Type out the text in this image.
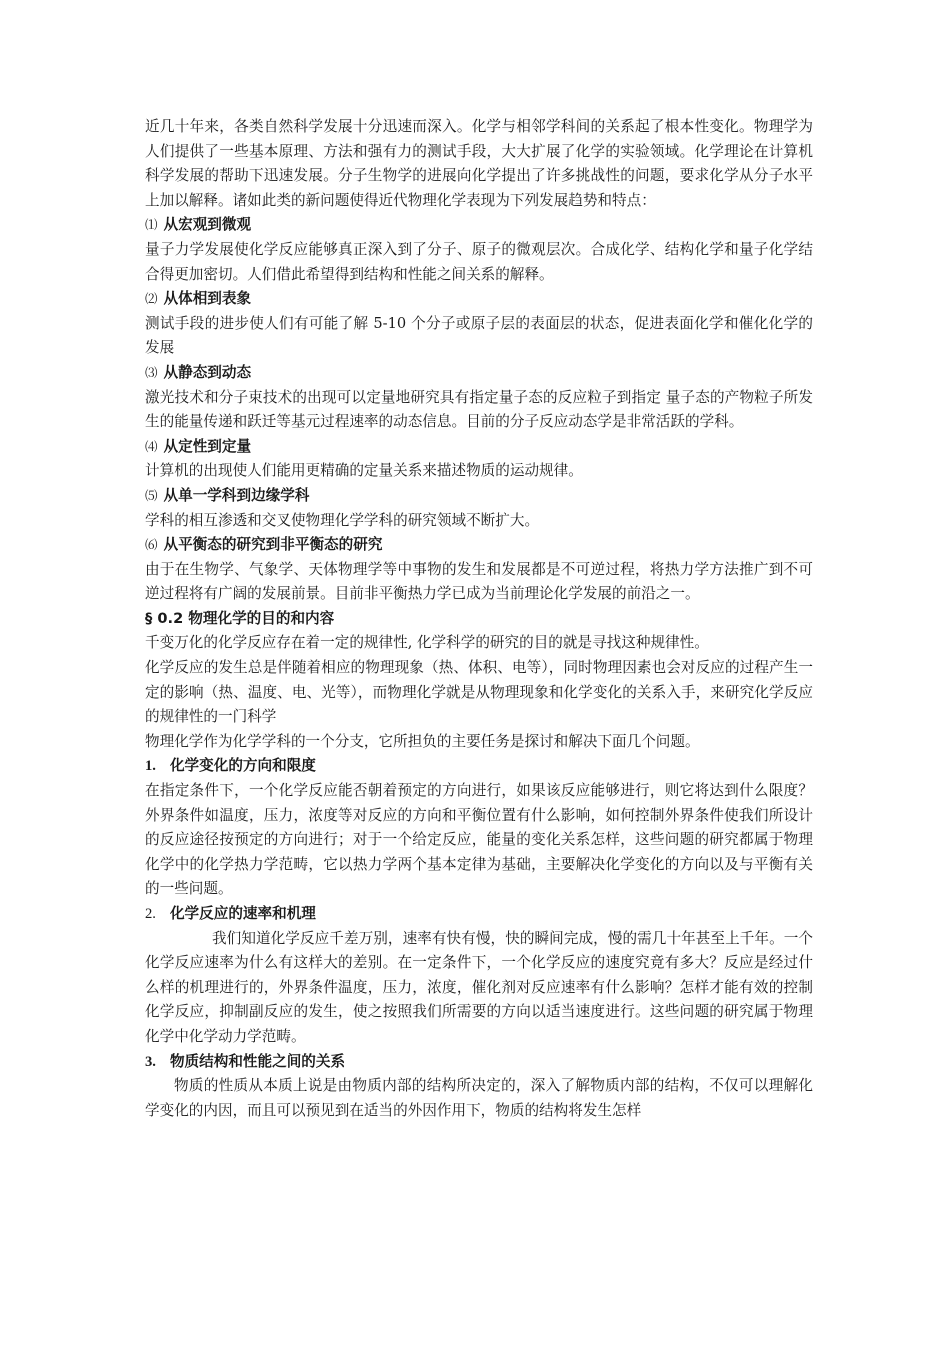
近几十年来，各类自然科学发展十分迅速而深入。化学与相邻学科间的关系起了根本性变化。物理学为人们提供了一些基本原理、方法和强有力的测试手段，大大扩展了化学的实验领域。化学理论在计算机科学发展的帮助下迅速发展。分子生物学的进展向化学提出了许多挑战性的问题，要求化学从分子水平上加以解释。诸如此类的新问题使得近代物理化学表现为下列发展趋势和特点：

⑴ 从宏观到微观

量子力学发展使化学反应能够真正深入到了分子、原子的微观层次。合成化学、结构化学和量子化学结合得更加密切。人们借此希望得到结构和性能之间关系的解释。

⑵ 从体相到表象

测试手段的进步使人们有可能了解 5-10 个分子或原子层的表面层的状态，促进表面化学和催化化学的发展

⑶ 从静态到动态

激光技术和分子束技术的出现可以定量地研究具有指定量子态的反应粒子到指定 量子态的产物粒子所发生的能量传递和跃迁等基元过程速率的动态信息。目前的分子反应动态学是非常活跃的学科。

⑷ 从定性到定量

计算机的出现使人们能用更精确的定量关系来描述物质的运动规律。

⑸ 从单一学科到边缘学科

学科的相互渗透和交叉使物理化学学科的研究领域不断扩大。

⑹ 从平衡态的研究到非平衡态的研究

由于在生物学、气象学、天体物理学等中事物的发生和发展都是不可逆过程，将热力学方法推广到不可逆过程将有广阔的发展前景。目前非平衡热力学已成为当前理论化学发展的前沿之一。

§ 0.2 物理化学的目的和内容

千变万化的化学反应存在着一定的规律性, 化学科学的研究的目的就是寻找这种规律性。

化学反应的发生总是伴随着相应的物理现象（热、体积、电等），同时物理因素也会对反应的过程产生一定的影响（热、温度、电、光等），而物理化学就是从物理现象和化学变化的关系入手，来研究化学反应的规律性的一门科学

物理化学作为化学学科的一个分支，它所担负的主要任务是探讨和解决下面几个问题。

1. 化学变化的方向和限度

在指定条件下，一个化学反应能否朝着预定的方向进行，如果该反应能够进行，则它将达到什么限度？外界条件如温度，压力，浓度等对反应的方向和平衡位置有什么影响，如何控制外界条件使我们所设计的反应途径按预定的方向进行；对于一个给定反应，能量的变化关系怎样，这些问题的研究都属于物理化学中的化学热力学范畴，它以热力学两个基本定律为基础，主要解决化学变化的方向以及与平衡有关的一些问题。

2. 化学反应的速率和机理

我们知道化学反应千差万别，速率有快有慢，快的瞬间完成，慢的需几十年甚至上千年。一个化学反应速率为什么有这样大的差别。在一定条件下，一个化学反应的速度究竟有多大？反应是经过什么样的机理进行的，外界条件温度，压力，浓度，催化剂对反应速率有什么影响？怎样才能有效的控制化学反应，抑制副反应的发生，使之按照我们所需要的方向以适当速度进行。这些问题的研究属于物理化学中化学动力学范畴。

3. 物质结构和性能之间的关系

物质的性质从本质上说是由物质内部的结构所决定的，深入了解物质内部的结构，不仅可以理解化学变化的内因，而且可以预见到在适当的外因作用下，物质的结构将发生怎样
